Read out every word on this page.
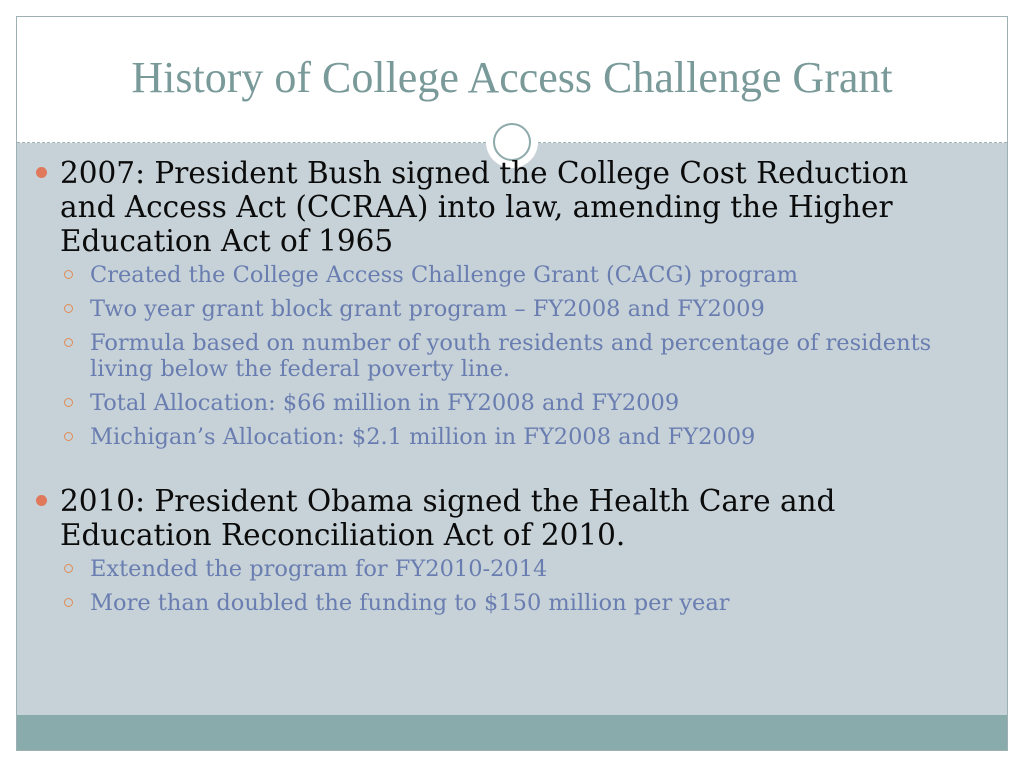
History of College Access Challenge Grant
2007: President Bush signed the College Cost Reduction and Access Act (CCRAA) into law, amending the Higher Education Act of 1965
Created the College Access Challenge Grant (CACG) program
Two year grant block grant program – FY2008 and FY2009
Formula based on number of youth residents and percentage of residents living below the federal poverty line.
Total Allocation: $66 million in FY2008 and FY2009
Michigan’s Allocation: $2.1 million in FY2008 and FY2009
2010: President Obama signed the Health Care and Education Reconciliation Act of 2010.
Extended the program for FY2010-2014
More than doubled the funding to $150 million per year
